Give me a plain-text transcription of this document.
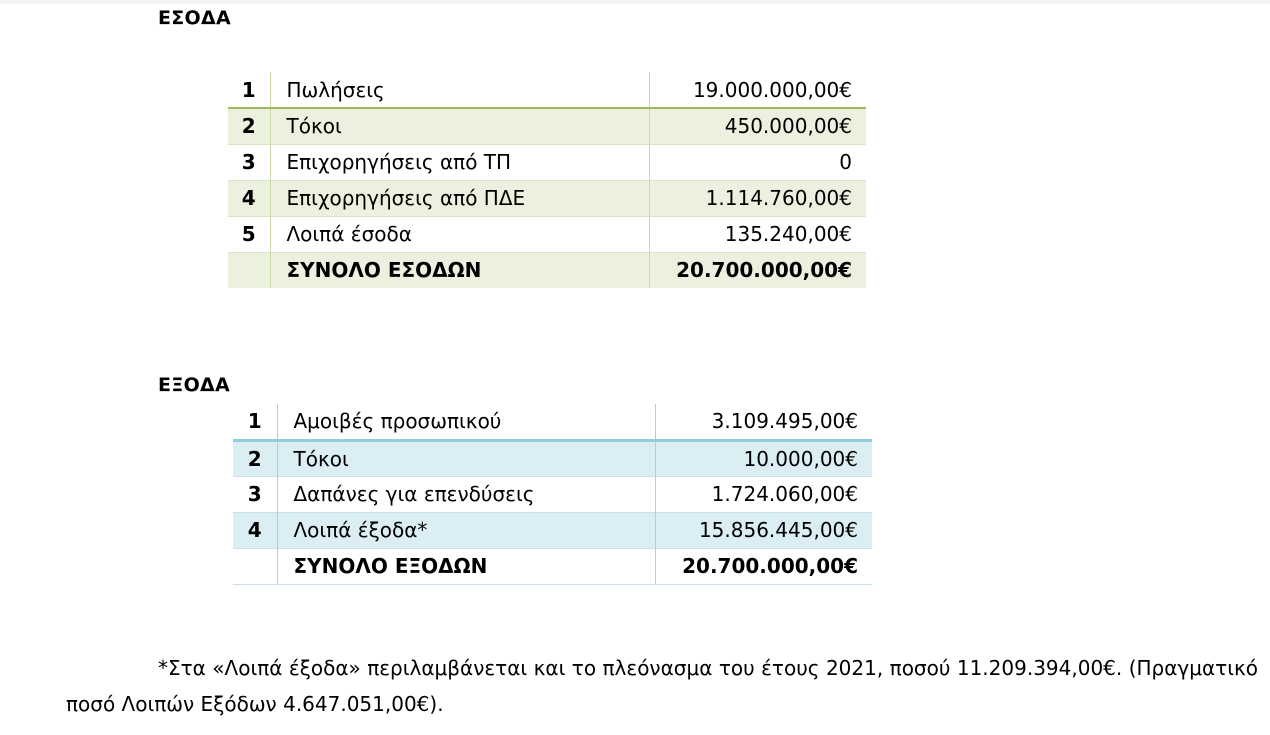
ΕΣΟΔΑ
1	Πωλήσεις	19.000.000,00€
2	Τόκοι	450.000,00€
3	Επιχορηγήσεις από ΤΠ	0
4	Επιχορηγήσεις από ΠΔΕ	1.114.760,00€
5	Λοιπά έσοδα	135.240,00€
	ΣΥΝΟΛΟ ΕΣΟΔΩΝ	20.700.000,00€
ΕΞΟΔΑ
1	Αμοιβές προσωπικού	3.109.495,00€
2	Τόκοι	10.000,00€
3	Δαπάνες για επενδύσεις	1.724.060,00€
4	Λοιπά έξοδα*	15.856.445,00€
	ΣΥΝΟΛΟ ΕΞΟΔΩΝ	20.700.000,00€

*Στα «Λοιπά έξοδα» περιλαμβάνεται και το πλεόνασμα του έτους 2021, ποσού 11.209.394,00€. (Πραγματικό ποσό Λοιπών Εξόδων 4.647.051,00€).
